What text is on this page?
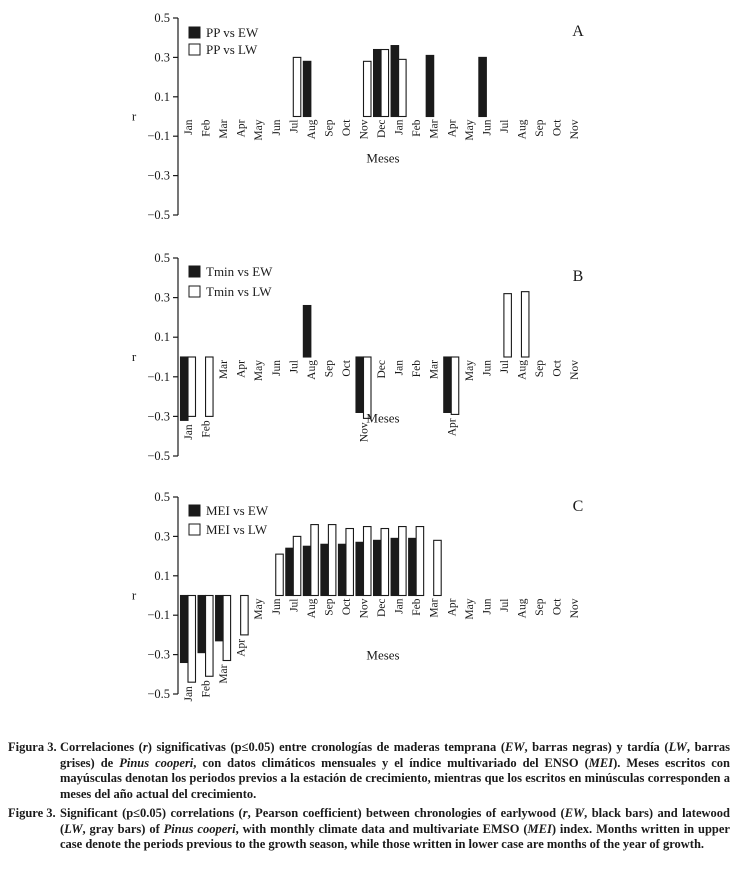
0.5
0.3
0.1
−0.1
−0.3
−0.5
r
A
PP vs EW
PP vs LW
Jan Feb Mar Apr May Jun Jul Aug Sep Oct Nov Dec Jan Feb Mar Apr May Jun Jul Aug Sep Oct Nov
Meses
0.5
0.3
0.1
−0.1
−0.3
−0.5
r
B
Tmin vs EW
Tmin vs LW
Jan Feb
Mar Apr May Jun Jul Aug Sep Oct
Nov
Dec Jan Feb Mar
Apr
May Jun Jul Aug Sep Oct Nov
Meses
0.5
0.3
0.1
−0.1
−0.3
−0.5
r
C
MEI vs EW
MEI vs LW
Jan Feb
Mar
Apr
May Jun Jul Aug Sep Oct Nov Dec Jan Feb Mar Apr May Jun Jul Aug Sep Oct Nov
Meses
Figura 3. Correlaciones (r) significativas (p≤0.05) entre cronologías de maderas temprana (EW, barras negras) y tardía (LW, barras grises) de Pinus cooperi, con datos climáticos mensuales y el índice multivariado del ENSO (MEI). Meses escritos con mayúsculas denotan los periodos previos a la estación de crecimiento, mientras que los escritos en minúsculas corresponden a meses del año actual del crecimiento.
Figure 3. Significant (p≤0.05) correlations (r, Pearson coefficient) between chronologies of earlywood (EW, black bars) and latewood (LW, gray bars) of Pinus cooperi, with monthly climate data and multivariate EMSO (MEI) index. Months written in upper case denote the periods previous to the growth season, while those written in lower case are months of the year of growth.
